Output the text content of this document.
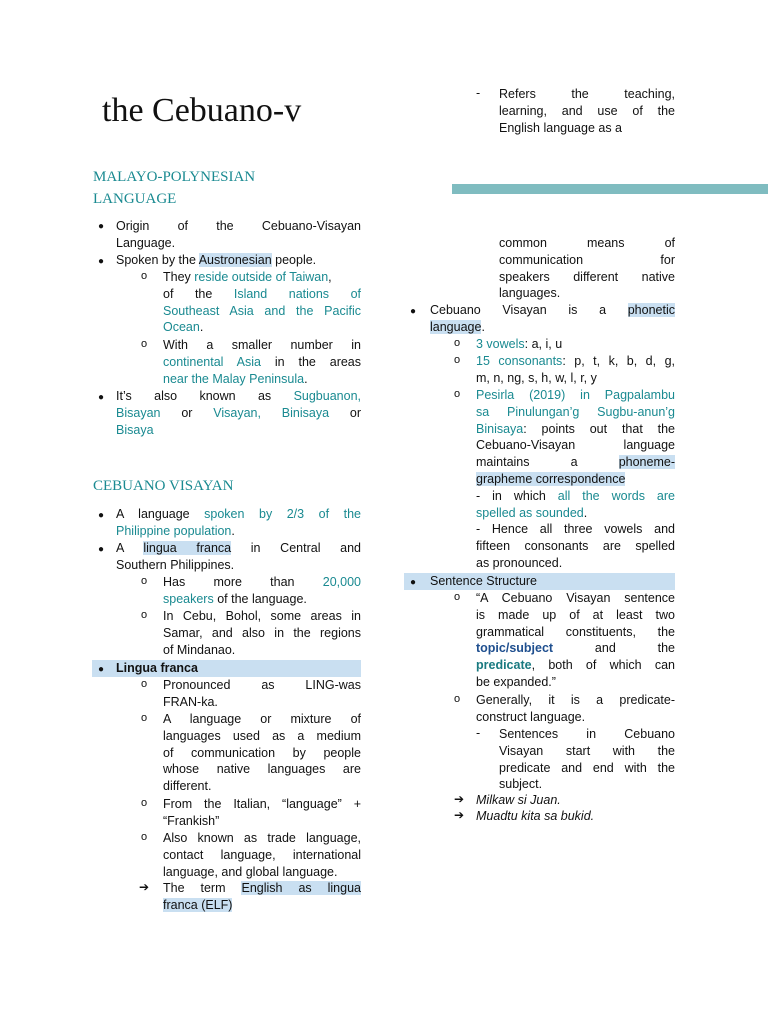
the Cebuano-v
MALAYO-POLYNESIAN
LANGUAGE
● Origin of the Cebuano-Visayan
Language.
● Spoken by the Austronesian people.
o They reside outside of Taiwan,
of the Island nations of
Southeast Asia and the Pacific
Ocean.
o With a smaller number in
continental Asia in the areas
near the Malay Peninsula.
● It’s also known as Sugbuanon,
Bisayan or Visayan, Binisaya or
Bisaya
CEBUANO VISAYAN
● A language spoken by 2/3 of the
Philippine population.
● A lingua franca in Central and
Southern Philippines.
o Has more than 20,000
speakers of the language.
o In Cebu, Bohol, some areas in
Samar, and also in the regions
of Mindanao.
● Lingua franca
o Pronounced as LING-was
FRAN-ka.
o A language or mixture of
languages used as a medium
of communication by people
whose native languages are
different.
o From the Italian, “language” +
“Frankish”
o Also known as trade language,
contact language, international
language, and global language.
➔ The term English as lingua
franca (ELF)
- Refers the teaching,
learning, and use of the
English language as a
common means of
communication for
speakers different native
languages.
● Cebuano Visayan is a phonetic
language.
o 3 vowels: a, i, u
o 15 consonants: p, t, k, b, d, g,
m, n, ng, s, h, w, l, r, y
o Pesirla (2019) in Pagpalambu
sa Pinulungan’g Sugbu-anun’g
Binisaya: points out that the
Cebuano-Visayan language
maintains a phoneme-
grapheme correspondence
- in which all the words are
spelled as sounded.
- Hence all three vowels and
fifteen consonants are spelled
as pronounced.
● Sentence Structure
o “A Cebuano Visayan sentence
is made up of at least two
grammatical constituents, the
topic/subject and the
predicate, both of which can
be expanded.”
o Generally, it is a predicate-
construct language.
- Sentences in Cebuano
Visayan start with the
predicate and end with the
subject.
➔ Milkaw si Juan.
➔ Muadtu kita sa bukid.
